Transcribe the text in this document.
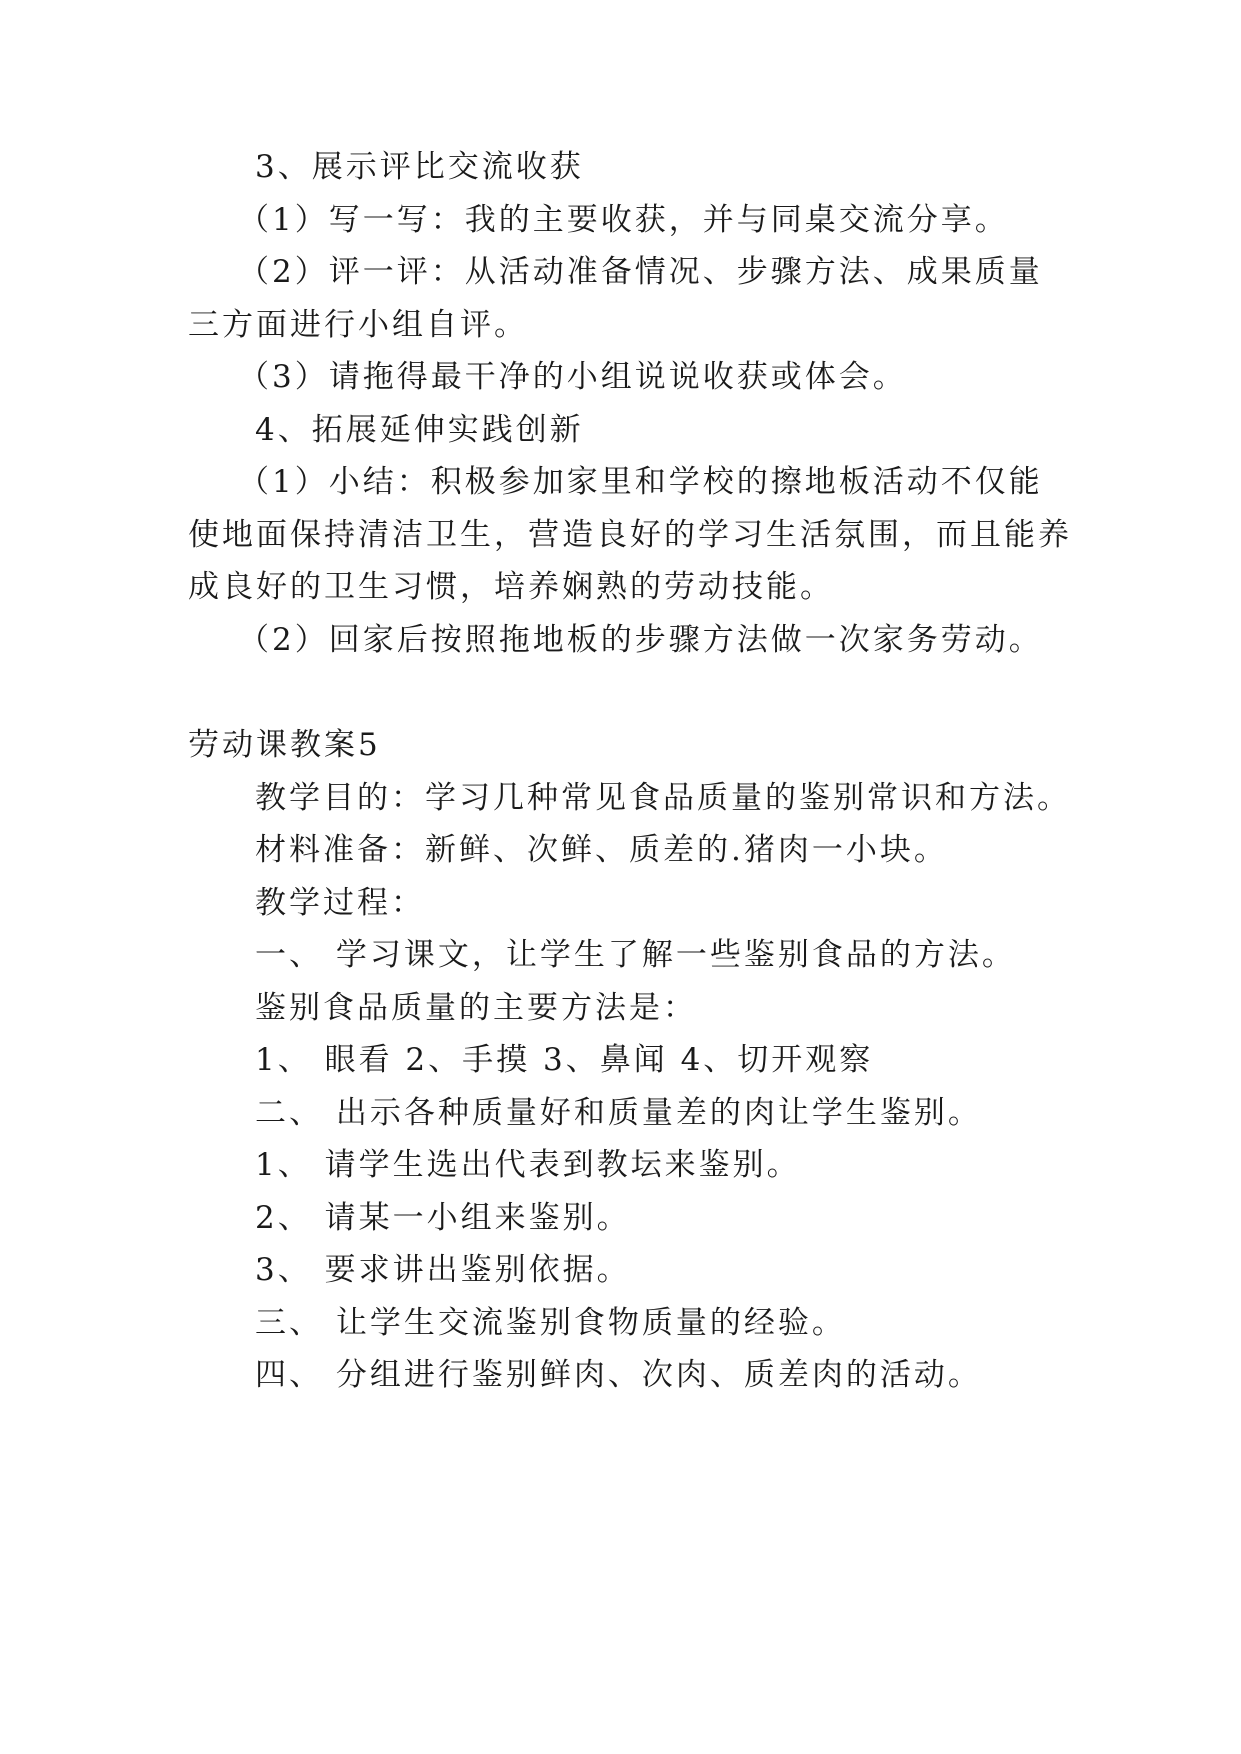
3、展示评比交流收获
（1）写一写：我的主要收获，并与同桌交流分享。
（2）评一评：从活动准备情况、步骤方法、成果质量
三方面进行小组自评。
（3）请拖得最干净的小组说说收获或体会。
4、拓展延伸实践创新
（1）小结：积极参加家里和学校的擦地板活动不仅能
使地面保持清洁卫生，营造良好的学习生活氛围，而且能养
成良好的卫生习惯，培养娴熟的劳动技能。
（2）回家后按照拖地板的步骤方法做一次家务劳动。
劳动课教案5
教学目的：学习几种常见食品质量的鉴别常识和方法。
材料准备：新鲜、次鲜、质差的.猪肉一小块。
教学过程：
一、 学习课文，让学生了解一些鉴别食品的方法。
鉴别食品质量的主要方法是：
1、 眼看 2、手摸 3、鼻闻 4、切开观察
二、 出示各种质量好和质量差的肉让学生鉴别。
1、 请学生选出代表到教坛来鉴别。
2、 请某一小组来鉴别。
3、 要求讲出鉴别依据。
三、 让学生交流鉴别食物质量的经验。
四、 分组进行鉴别鲜肉、次肉、质差肉的活动。
